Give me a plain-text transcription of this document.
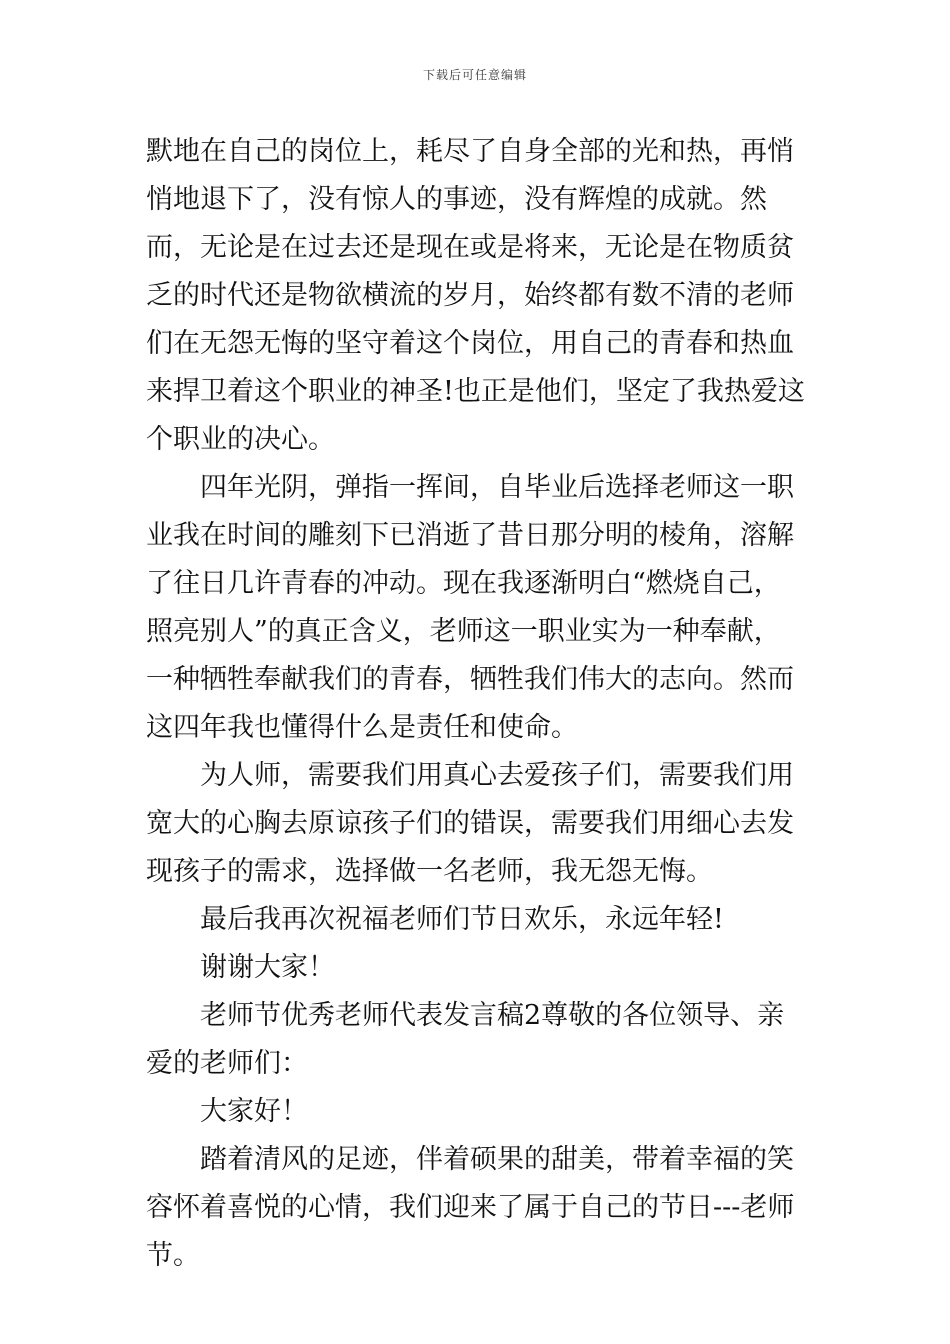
下载后可任意编辑

默地在自己的岗位上，耗尽了自身全部的光和热，再悄悄地退下了，没有惊人的事迹，没有辉煌的成就。然而，无论是在过去还是现在或是将来，无论是在物质贫乏的时代还是物欲横流的岁月，始终都有数不清的老师们在无怨无悔的坚守着这个岗位，用自己的青春和热血来捍卫着这个职业的神圣!也正是他们，坚定了我热爱这个职业的决心。

四年光阴，弹指一挥间，自毕业后选择老师这一职业我在时间的雕刻下已消逝了昔日那分明的棱角，溶解了往日几许青春的冲动。现在我逐渐明白“燃烧自己，照亮别人”的真正含义，老师这一职业实为一种奉献，一种牺牲奉献我们的青春，牺牲我们伟大的志向。然而这四年我也懂得什么是责任和使命。

为人师，需要我们用真心去爱孩子们，需要我们用宽大的心胸去原谅孩子们的错误，需要我们用细心去发现孩子的需求，选择做一名老师，我无怨无悔。

最后我再次祝福老师们节日欢乐，永远年轻!

谢谢大家！

老师节优秀老师代表发言稿2尊敬的各位领导、亲爱的老师们：

大家好！

踏着清风的足迹，伴着硕果的甜美，带着幸福的笑容怀着喜悦的心情，我们迎来了属于自己的节日---老师节。
